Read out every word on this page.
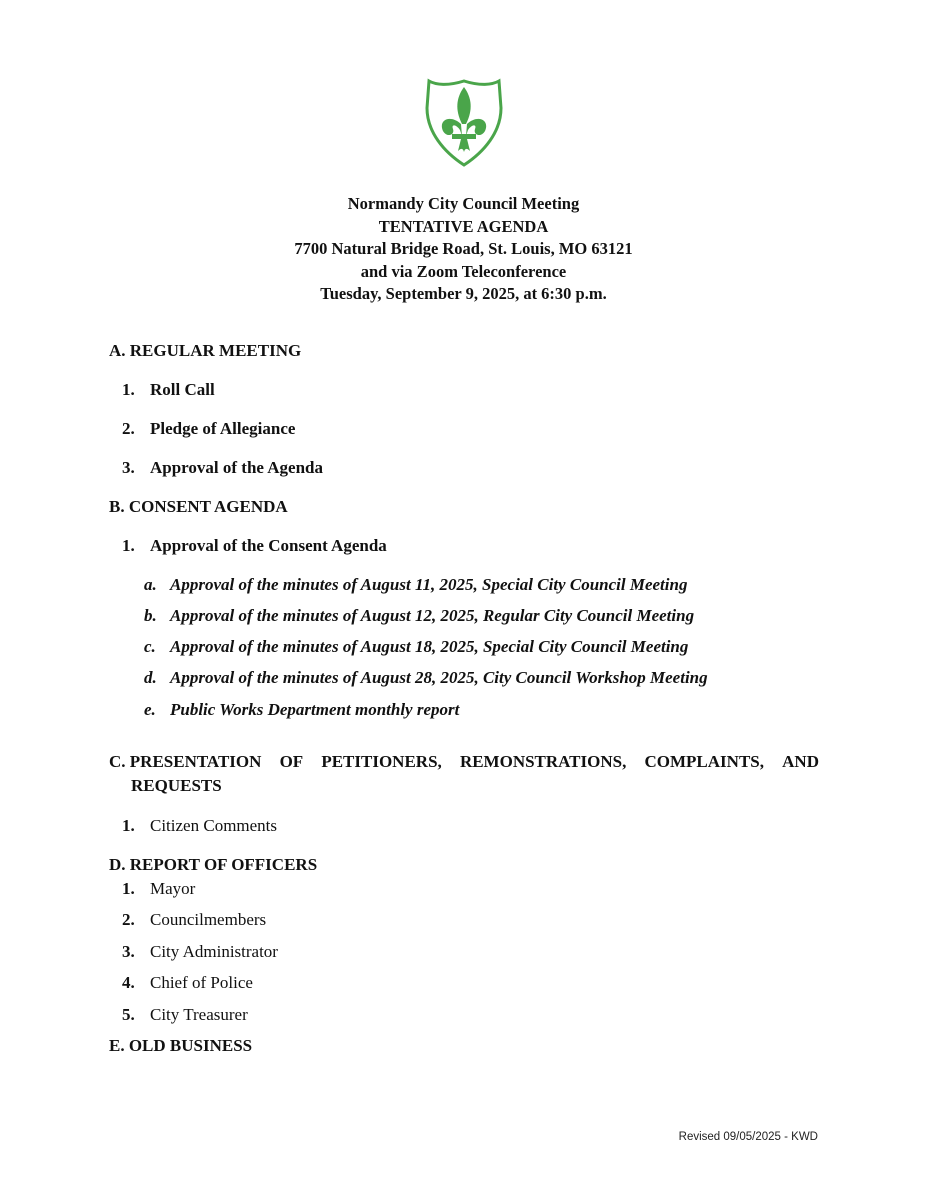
Normandy City Council Meeting
TENTATIVE AGENDA
7700 Natural Bridge Road, St. Louis, MO 63121
and via Zoom Teleconference
Tuesday, September 9, 2025, at 6:30 p.m.
A. REGULAR MEETING
1. Roll Call
2. Pledge of Allegiance
3. Approval of the Agenda
B. CONSENT AGENDA
1. Approval of the Consent Agenda
a. Approval of the minutes of August 11, 2025, Special City Council Meeting
b. Approval of the minutes of August 12, 2025, Regular City Council Meeting
c. Approval of the minutes of August 18, 2025, Special City Council Meeting
d. Approval of the minutes of August 28, 2025, City Council Workshop Meeting
e. Public Works Department monthly report
C. PRESENTATION OF PETITIONERS, REMONSTRATIONS, COMPLAINTS, AND
REQUESTS
1. Citizen Comments
D. REPORT OF OFFICERS
1. Mayor
2. Councilmembers
3. City Administrator
4. Chief of Police
5. City Treasurer
E. OLD BUSINESS
Revised 09/05/2025 - KWD
